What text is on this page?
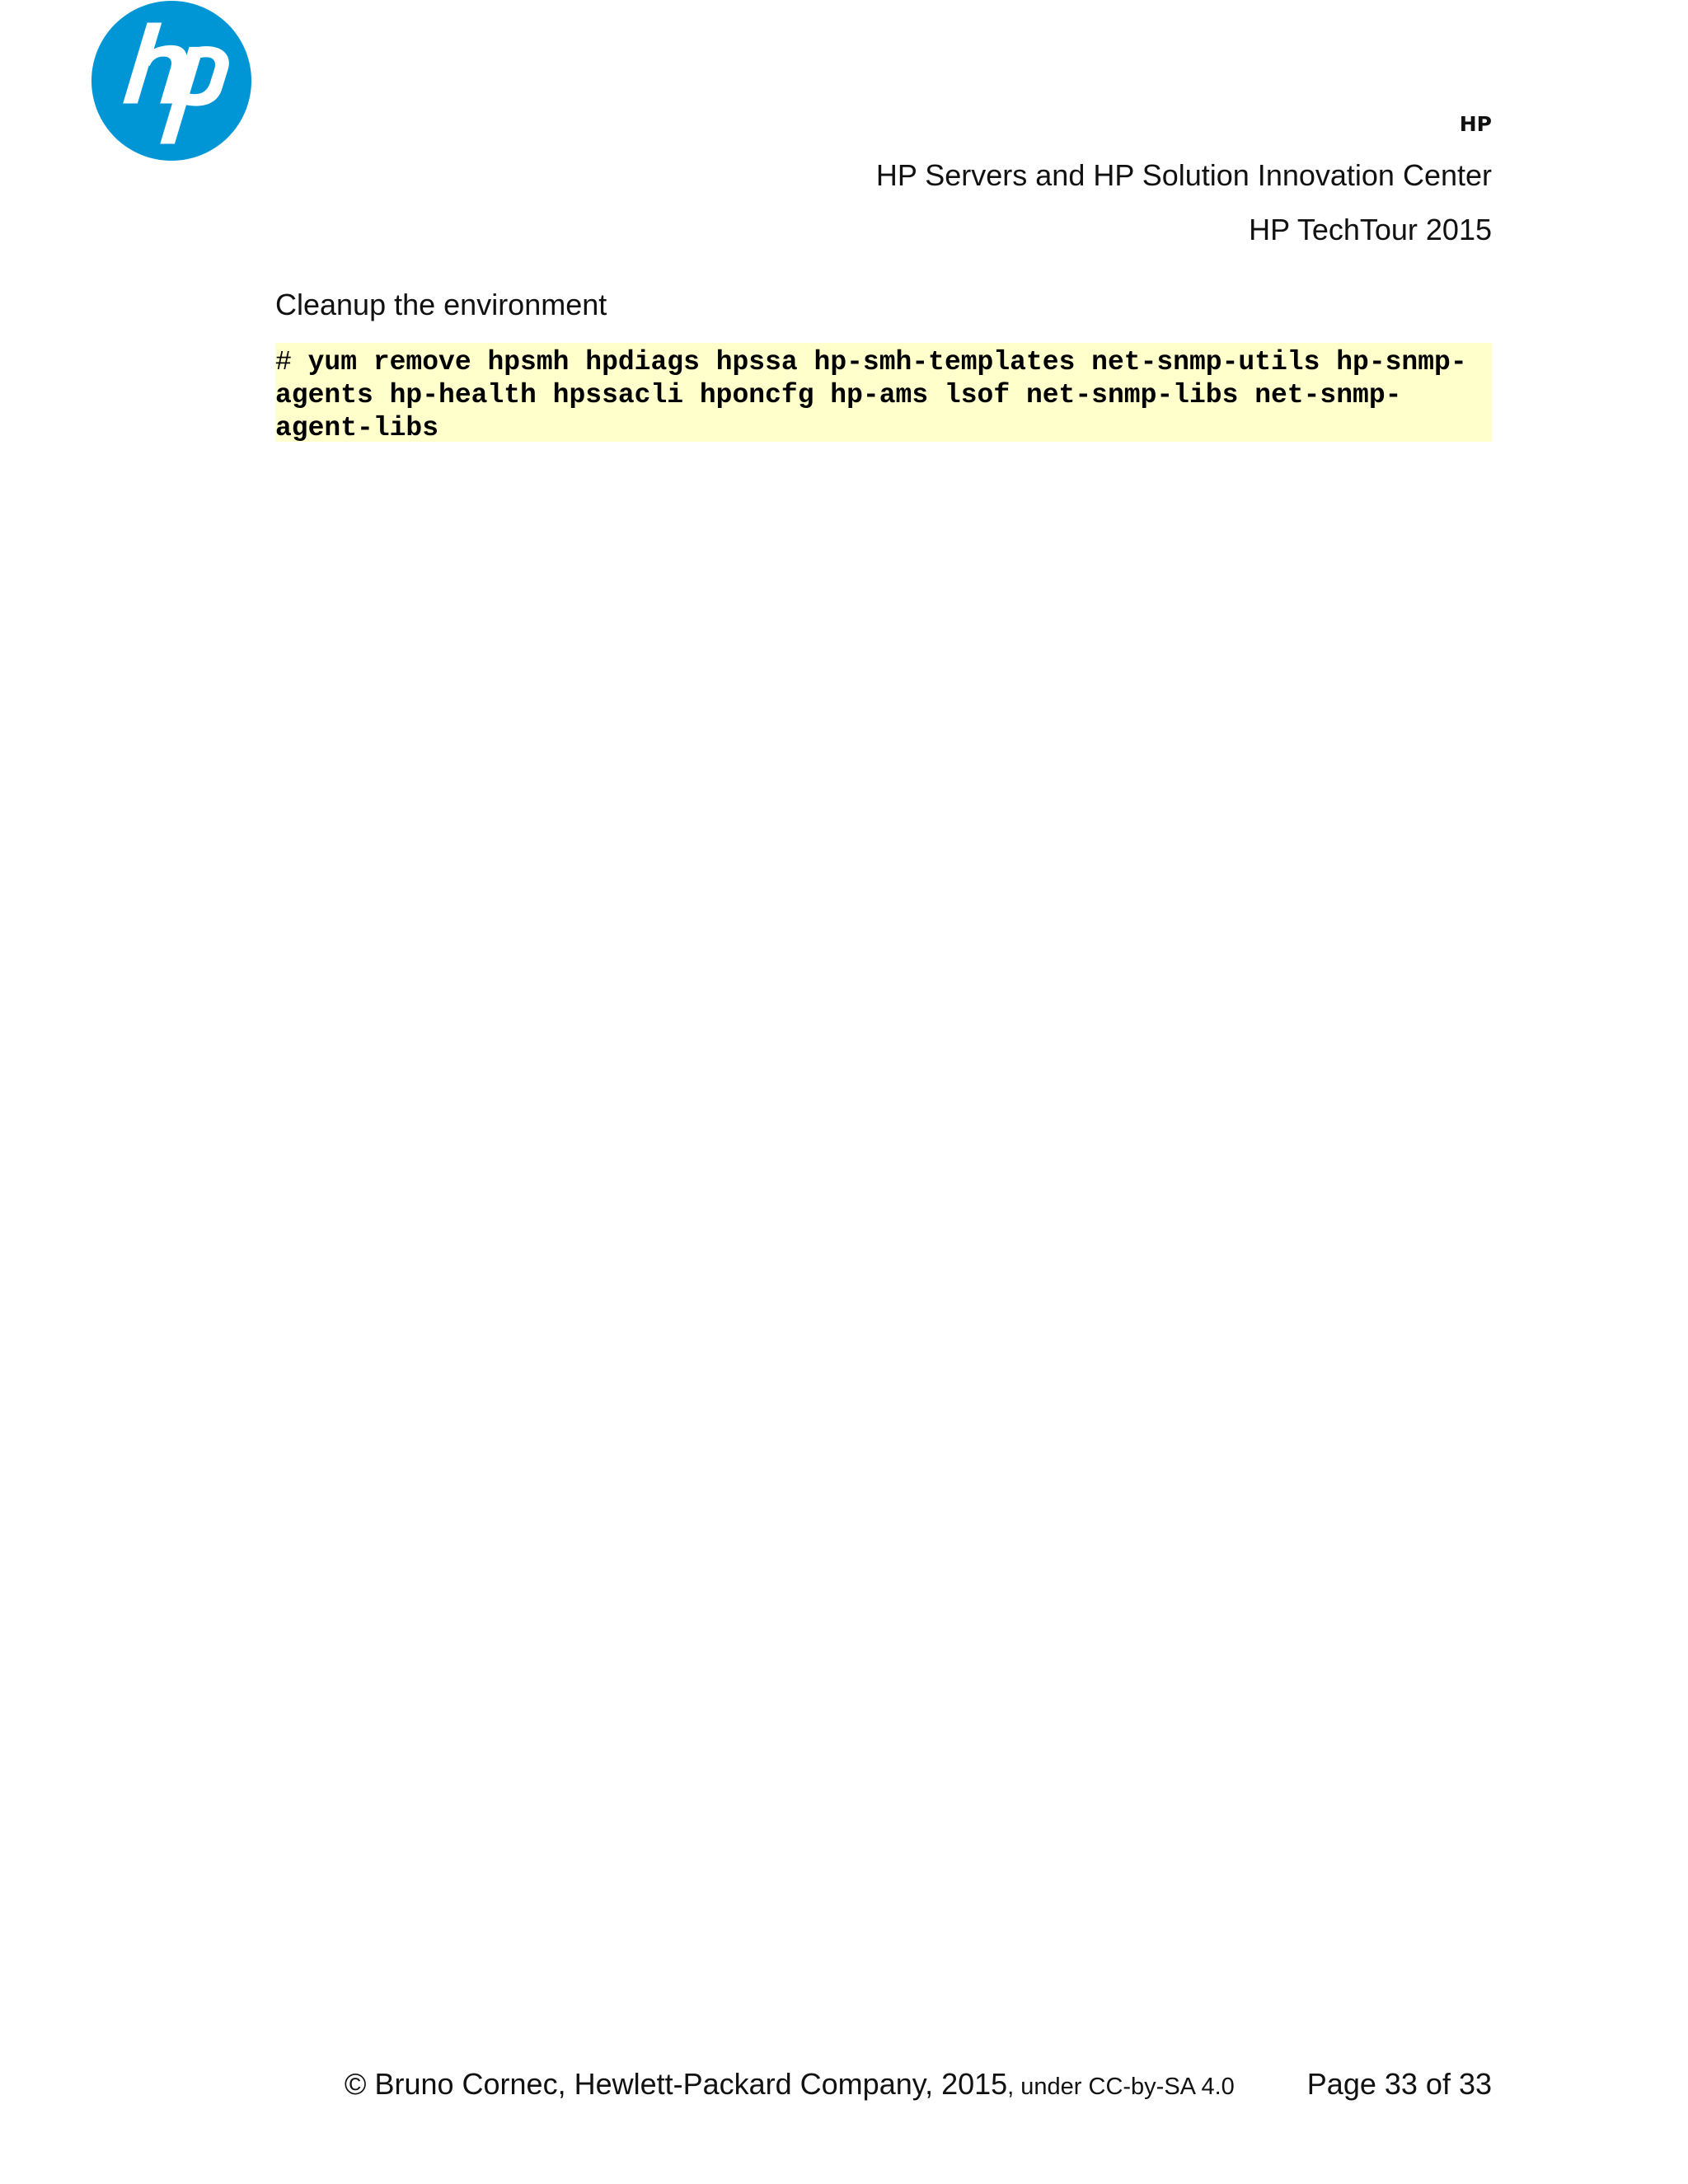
HP
HP Servers and HP Solution Innovation Center
HP TechTour 2015
Cleanup the environment
# yum remove hpsmh hpdiags hpssa hp-smh-templates net-snmp-utils hp-snmp-
agents hp-health hpssacli hponcfg hp-ams lsof net-snmp-libs net-snmp-
agent-libs
© Bruno Cornec, Hewlett-Packard Company, 2015, under CC-by-SA 4.0 Page 33 of 33
